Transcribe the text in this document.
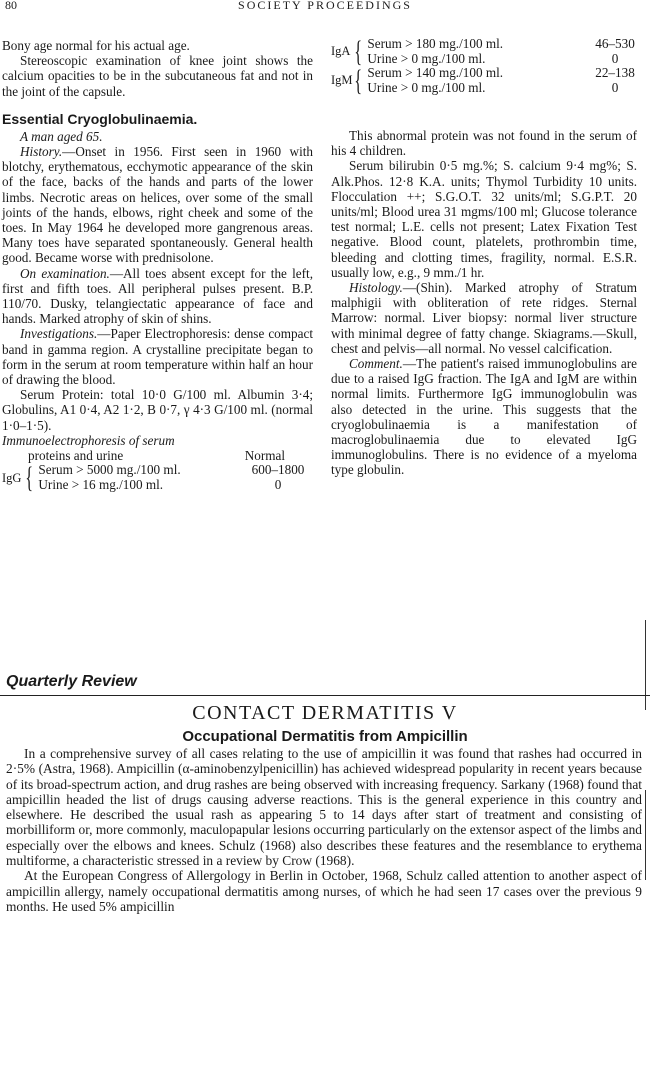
80	SOCIETY PROCEEDINGS

Bony age normal for his actual age.

Stereoscopic examination of knee joint shows the calcium opacities to be in the subcutaneous fat and not in the joint of the capsule.

Essential Cryoglobulinaemia.

A man aged 65.

History.—Onset in 1956. First seen in 1960 with blotchy, erythematous, ecchymotic appearance of the skin of the face, backs of the hands and parts of the lower limbs. Necrotic areas on helices, over some of the small joints of the hands, elbows, right cheek and some of the toes. In May 1964 he developed more gangrenous areas. Many toes have separated spontaneously. General health good. Became worse with prednisolone.

On examination.—All toes absent except for the left, first and fifth toes. All peripheral pulses present. B.P. 110/70. Dusky, telangiectatic appearance of face and hands. Marked atrophy of skin of shins.

Investigations.—Paper Electrophoresis: dense compact band in gamma region. A crystalline precipitate began to form in the serum at room temperature within half an hour of drawing the blood.

Serum Protein: total 10·0 G/100 ml. Albumin 3·4; Globulins, A1 0·4, A2 1·2, B 0·7, γ 4·3 G/100 ml. (normal 1·0–1·5).

Immunoelectrophoresis of serum

proteins and urine	Normal
IgG { Serum > 5000 mg./100 ml.	600–1800
Urine > 16 mg./100 ml.	0
IgA { Serum > 180 mg./100 ml.	46–530
Urine > 0 mg./100 ml.	0
IgM { Serum > 140 mg./100 ml.	22–138
Urine > 0 mg./100 ml.	0

This abnormal protein was not found in the serum of his 4 children.

Serum bilirubin 0·5 mg.%; S. calcium 9·4 mg%; S. Alk.Phos. 12·8 K.A. units; Thymol Turbidity 10 units. Flocculation ++; S.G.O.T. 32 units/ml; S.G.P.T. 20 units/ml; Blood urea 31 mgms/100 ml; Glucose tolerance test normal; L.E. cells not present; Latex Fixation Test negative. Blood count, platelets, prothrombin time, bleeding and clotting times, fragility, normal. E.S.R. usually low, e.g., 9 mm./1 hr.

Histology.—(Shin). Marked atrophy of Stratum malphigii with obliteration of rete ridges. Sternal Marrow: normal. Liver biopsy: normal liver structure with minimal degree of fatty change. Skiagrams.—Skull, chest and pelvis—all normal. No vessel calcification.

Comment.—The patient's raised immunoglobulins are due to a raised IgG fraction. The IgA and IgM are within normal limits. Furthermore IgG immunoglobulin was also detected in the urine. This suggests that the cryoglobulinaemia is a manifestation of macroglobulinaemia due to elevated IgG immunoglobulins. There is no evidence of a myeloma type globulin.

Quarterly Review
CONTACT DERMATITIS V
Occupational Dermatitis from Ampicillin

In a comprehensive survey of all cases relating to the use of ampicillin it was found that rashes had occurred in 2·5% (Astra, 1968). Ampicillin (α-aminobenzylpenicillin) has achieved widespread popularity in recent years because of its broad-spectrum action, and drug rashes are being observed with increasing frequency. Sarkany (1968) found that ampicillin headed the list of drugs causing adverse reactions. This is the general experience in this country and elsewhere. He described the usual rash as appearing 5 to 14 days after start of treatment and consisting of morbilliform or, more commonly, maculopapular lesions occurring particularly on the extensor aspect of the limbs and especially over the elbows and knees. Schulz (1968) also describes these features and the resemblance to erythema multiforme, a characteristic stressed in a review by Crow (1968).

At the European Congress of Allergology in Berlin in October, 1968, Schulz called attention to another aspect of ampicillin allergy, namely occupational dermatitis among nurses, of which he had seen 17 cases over the previous 9 months. He used 5% ampicillin
